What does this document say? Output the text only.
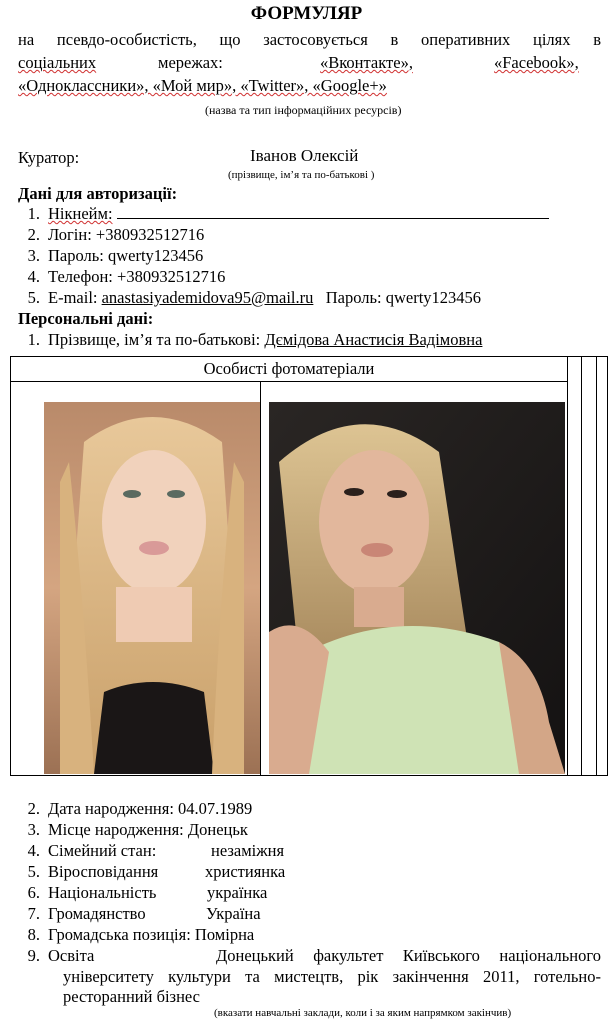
ФОРМУЛЯР
на псевдо-особистість, що застосовується в оперативних цілях в
соціальних	мережах:	«Вконтакте»,	«Facebook»,
«Одноклассники», «Мой мир», «Twitter», «Google+»
(назва та тип інформаційних ресурсів)
Куратор:	Іванов Олексій
(прізвище, ім’я та по-батькові )
Дані для авторизації:
1. Нікнейм:
2. Логін: +380932512716
3. Пароль: qwerty123456
4. Телефон: +380932512716
5. E-mail: anastasiyademidova95@mail.ru Пароль: qwerty123456
Персональні дані:
1. Прізвище, ім’я та по-батькові: Дємідова Анастисія Вадімовна
Особисті фотоматеріали
2. Дата народження: 04.07.1989
3. Місце народження: Донецьк
4. Сімейний стан:	незаміжня
5. Віросповідання	християнка
6. Національність	українка
7. Громадянство	Україна
8. Громадська позиція: Помірна
9. Освіта	Донецький факультет Київського національного
університету культури та мистецтв, рік закінчення 2011, готельно-
ресторанний бізнес
(вказати навчальні заклади, коли і за яким напрямком закінчив)
